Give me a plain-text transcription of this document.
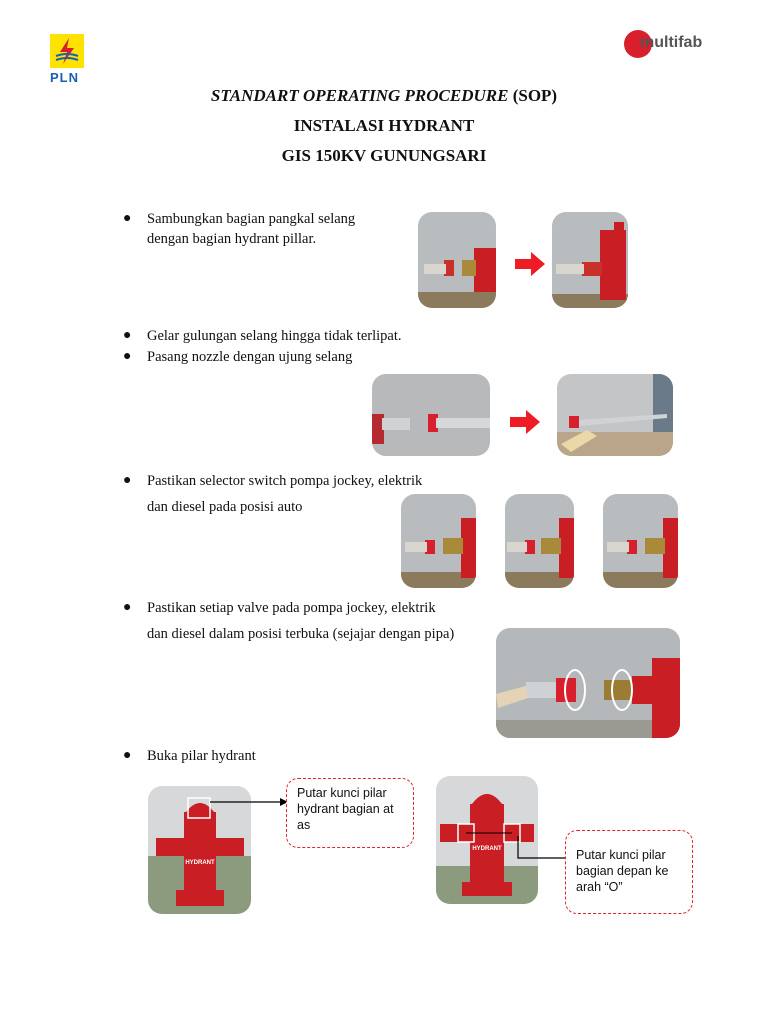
PLN
multifab
STANDART OPERATING PROCEDURE (SOP)
INSTALASI HYDRANT
GIS 150KV GUNUNGSARI
● Sambungkan bagian pangkal selang
dengan bagian hydrant pillar.
● Gelar gulungan selang hingga tidak terlipat.
● Pasang nozzle dengan ujung selang
● Pastikan selector switch pompa jockey, elektrik
dan diesel pada posisi auto
● Pastikan setiap valve pada pompa jockey, elektrik
dan diesel dalam posisi terbuka (sejajar dengan pipa)
● Buka pilar hydrant
HYDRANT
Putar kunci pilar hydrant bagian at as
HYDRANT	Putar kunci pilar bagian depan ke arah “O”
